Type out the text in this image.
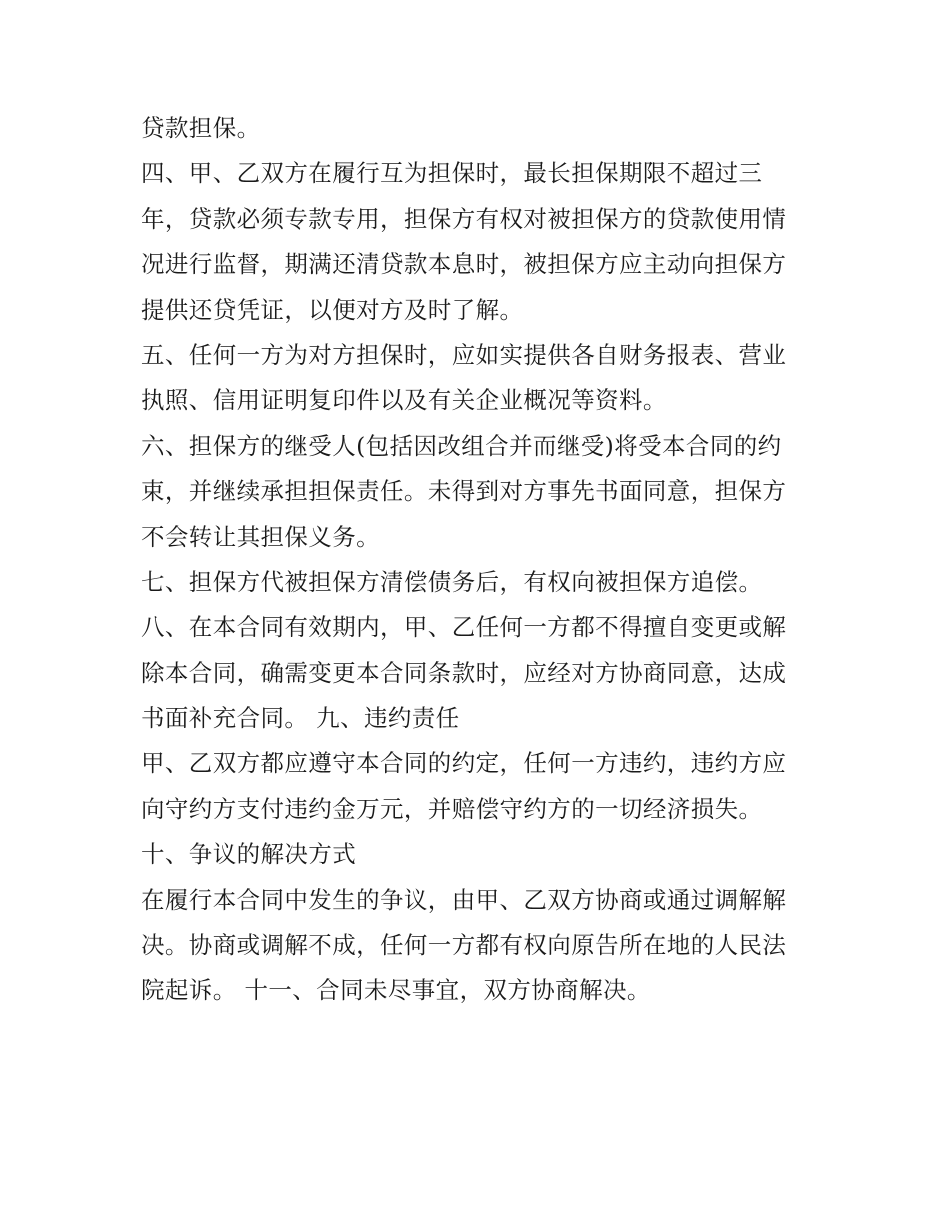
贷款担保。
四、甲、乙双方在履行互为担保时，最长担保期限不超过三
年，贷款必须专款专用，担保方有权对被担保方的贷款使用情
况进行监督，期满还清贷款本息时，被担保方应主动向担保方
提供还贷凭证，以便对方及时了解。
五、任何一方为对方担保时，应如实提供各自财务报表、营业
执照、信用证明复印件以及有关企业概况等资料。
六、担保方的继受人(包括因改组合并而继受)将受本合同的约
束，并继续承担担保责任。未得到对方事先书面同意，担保方
不会转让其担保义务。
七、担保方代被担保方清偿债务后，有权向被担保方追偿。
八、在本合同有效期内，甲、乙任何一方都不得擅自变更或解
除本合同，确需变更本合同条款时，应经对方协商同意，达成
书面补充合同。 九、违约责任
甲、乙双方都应遵守本合同的约定，任何一方违约，违约方应
向守约方支付违约金万元，并赔偿守约方的一切经济损失。
十、争议的解决方式
在履行本合同中发生的争议，由甲、乙双方协商或通过调解解
决。协商或调解不成，任何一方都有权向原告所在地的人民法
院起诉。 十一、合同未尽事宜，双方协商解决。
